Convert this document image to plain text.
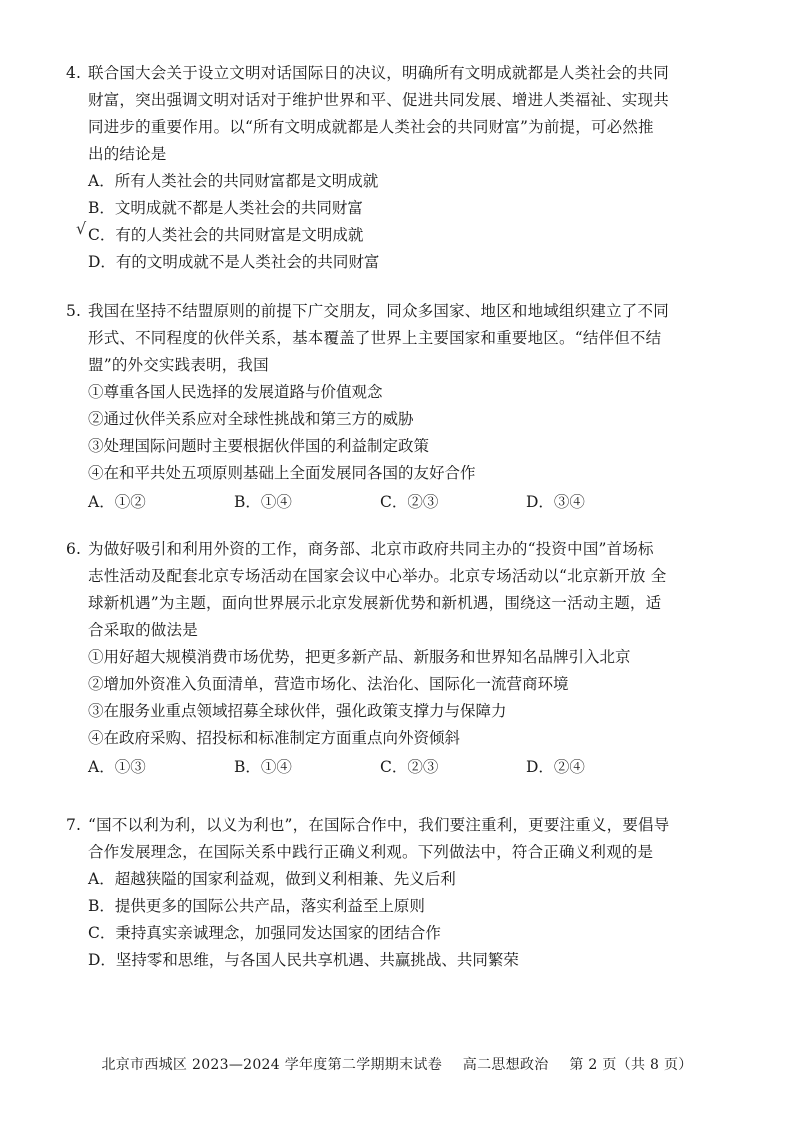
4. 联合国大会关于设立文明对话国际日的决议，明确所有文明成就都是人类社会的共同
财富，突出强调文明对话对于维护世界和平、促进共同发展、增进人类福祉、实现共
同进步的重要作用。以“所有文明成就都是人类社会的共同财富”为前提，可必然推
出的结论是
A．所有人类社会的共同财富都是文明成就
B．文明成就不都是人类社会的共同财富
C．有的人类社会的共同财富是文明成就
D．有的文明成就不是人类社会的共同财富
√
5. 我国在坚持不结盟原则的前提下广交朋友，同众多国家、地区和地域组织建立了不同
形式、不同程度的伙伴关系，基本覆盖了世界上主要国家和重要地区。“结伴但不结
盟”的外交实践表明，我国
①尊重各国人民选择的发展道路与价值观念
②通过伙伴关系应对全球性挑战和第三方的威胁
③处理国际问题时主要根据伙伴国的利益制定政策
④在和平共处五项原则基础上全面发展同各国的友好合作
A．①②	B．①④	C．②③	D．③④
6. 为做好吸引和利用外资的工作，商务部、北京市政府共同主办的“投资中国”首场标
志性活动及配套北京专场活动在国家会议中心举办。北京专场活动以“北京新开放 全
球新机遇”为主题，面向世界展示北京发展新优势和新机遇，围绕这一活动主题，适
合采取的做法是
①用好超大规模消费市场优势，把更多新产品、新服务和世界知名品牌引入北京
②增加外资准入负面清单，营造市场化、法治化、国际化一流营商环境
③在服务业重点领域招募全球伙伴，强化政策支撑力与保障力
④在政府采购、招投标和标准制定方面重点向外资倾斜
A．①③	B．①④	C．②③	D．②④
7. “国不以利为利，以义为利也”，在国际合作中，我们要注重利，更要注重义，要倡导
合作发展理念，在国际关系中践行正确义利观。下列做法中，符合正确义利观的是
A．超越狭隘的国家利益观，做到义利相兼、先义后利
B．提供更多的国际公共产品，落实利益至上原则
C．秉持真实亲诚理念，加强同发达国家的团结合作
D．坚持零和思维，与各国人民共享机遇、共赢挑战、共同繁荣
北京市西城区 2023—2024 学年度第二学期期末试卷 高二思想政治 第 2 页（共 8 页）
